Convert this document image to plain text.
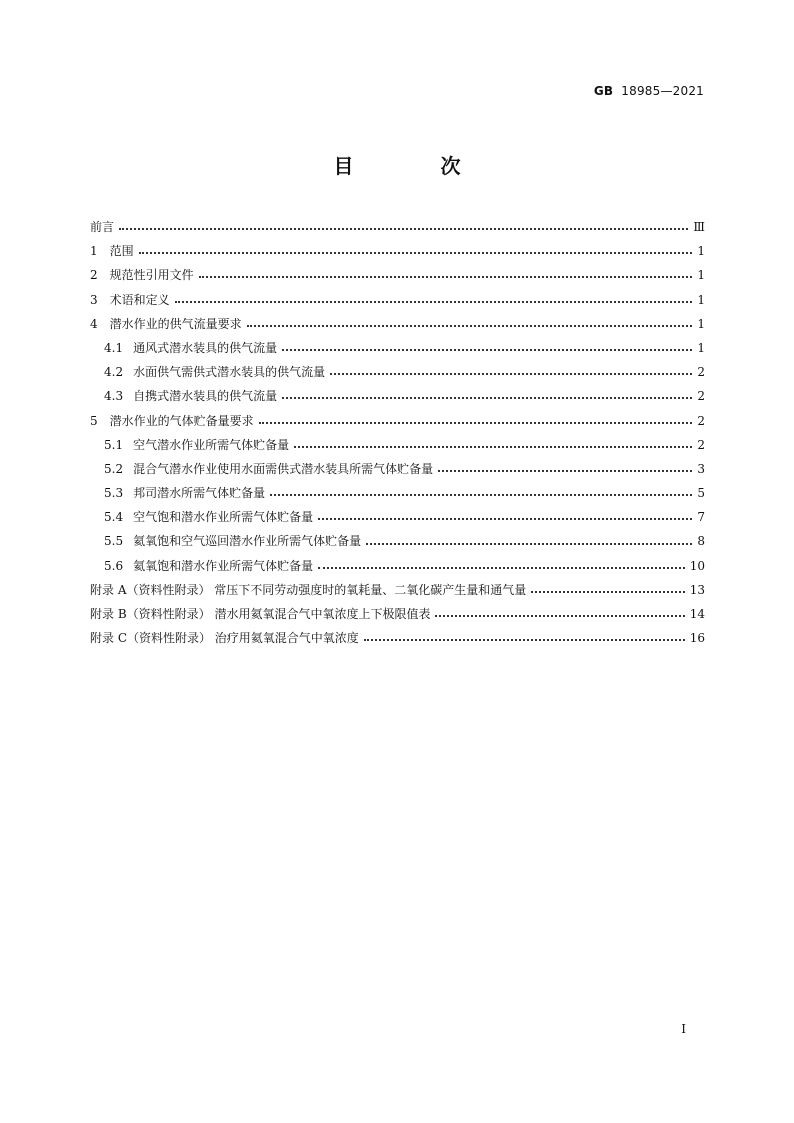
GB 18985—2021
目 次
前言	Ⅲ
1 范围	1
2 规范性引用文件	1
3 术语和定义	1
4 潜水作业的供气流量要求	1
4.1 通风式潜水装具的供气流量	1
4.2 水面供气需供式潜水装具的供气流量	2
4.3 自携式潜水装具的供气流量	2
5 潜水作业的气体贮备量要求	2
5.1 空气潜水作业所需气体贮备量	2
5.2 混合气潜水作业使用水面需供式潜水装具所需气体贮备量	3
5.3 邦司潜水所需气体贮备量	5
5.4 空气饱和潜水作业所需气体贮备量	7
5.5 氦氧饱和空气巡回潜水作业所需气体贮备量	8
5.6 氦氧饱和潜水作业所需气体贮备量	10
附录 A（资料性附录） 常压下不同劳动强度时的氧耗量、二氧化碳产生量和通气量	13
附录 B（资料性附录） 潜水用氦氧混合气中氧浓度上下极限值表	14
附录 C（资料性附录） 治疗用氦氧混合气中氧浓度	16
I
